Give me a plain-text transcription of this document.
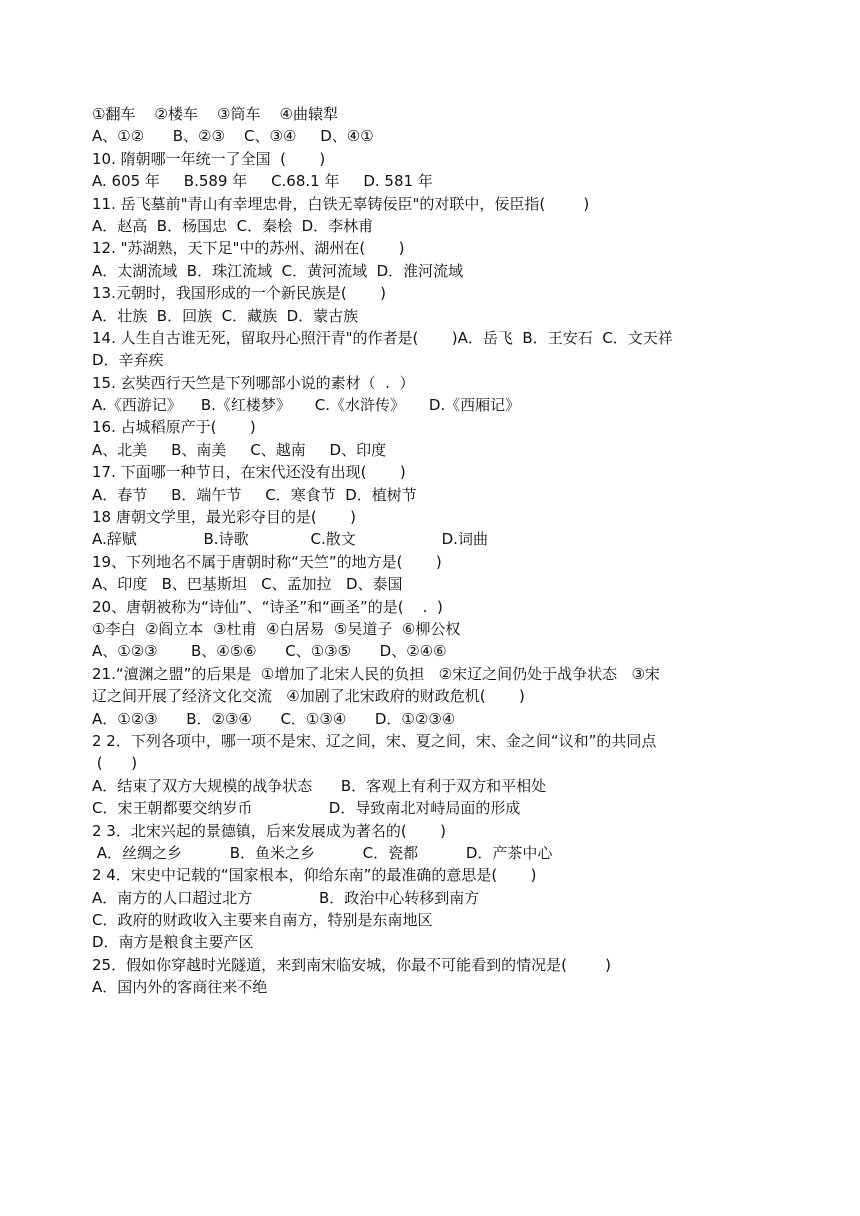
①翻车    ②楼车    ③筒车    ④曲辕犁
A、①②      B、②③    C、③④     D、④①
10. 隋朝哪一年统一了全国  (       )
A. 605 年     B.589 年     C.68.1 年     D. 581 年
11. 岳飞墓前"青山有幸埋忠骨，白铁无辜铸佞臣"的对联中，佞臣指(        )
A．赵高  B．杨国忠  C．秦桧  D．李林甫
12. "苏湖熟，天下足"中的苏州、湖州在(       )
A．太湖流域  B．珠江流域  C．黄河流域  D．淮河流域
13.元朝时，我国形成的一个新民族是(       )
A．壮族  B．回族  C．藏族  D．蒙古族
14. 人生自古谁无死，留取丹心照汗青"的作者是(       )A．岳飞  B．王安石  C．文天祥
D．辛弃疾
15. 玄奘西行天竺是下列哪部小说的素材（  .  ）
A.《西游记》    B.《红楼梦》     C.《水浒传》     D.《西厢记》
16. 占城稻原产于(       )
A、北美     B、南美     C、越南     D、印度
17. 下面哪一种节日，在宋代还没有出现(       )
A．春节     B．端午节     C．寒食节  D．植树节
18 唐朝文学里，最光彩夺目的是(       )
A.辞赋              B.诗歌             C.散文                  D.词曲
19、下列地名不属于唐朝时称“天竺”的地方是(       )
A、印度   B、巴基斯坦   C、孟加拉   D、泰国
20、唐朝被称为“诗仙”、“诗圣”和“画圣”的是(    .  )
①李白  ②阎立本  ③杜甫  ④白居易  ⑤吴道子  ⑥柳公权
A、①②③       B、④⑤⑥      C、①③⑤      D、②④⑥
21.“澶渊之盟”的后果是  ①增加了北宋人民的负担   ②宋辽之间仍处于战争状态   ③宋
辽之间开展了经济文化交流   ④加剧了北宋政府的财政危机(       )
A．①②③      B．②③④      C．①③④      D．①②③④
2 2．下列各项中，哪一项不是宋、辽之间，宋、夏之间，宋、金之间“议和”的共同点
(      )
A．结束了双方大规模的战争状态      B．客观上有利于双方和平相处
C．宋王朝都要交纳岁币                D．导致南北对峙局面的形成
2 3．北宋兴起的景德镇，后来发展成为著名的(       )
A．丝绸之乡          B．鱼米之乡          C．瓷都          D．产茶中心
2 4．宋史中记载的“国家根本，仰给东南”的最准确的意思是(       )
A．南方的人口超过北方              B．政治中心转移到南方
C．政府的财政收入主要来自南方，特别是东南地区
D．南方是粮食主要产区
25．假如你穿越时光隧道，来到南宋临安城，你最不可能看到的情况是(        )
A．国内外的客商往来不绝
